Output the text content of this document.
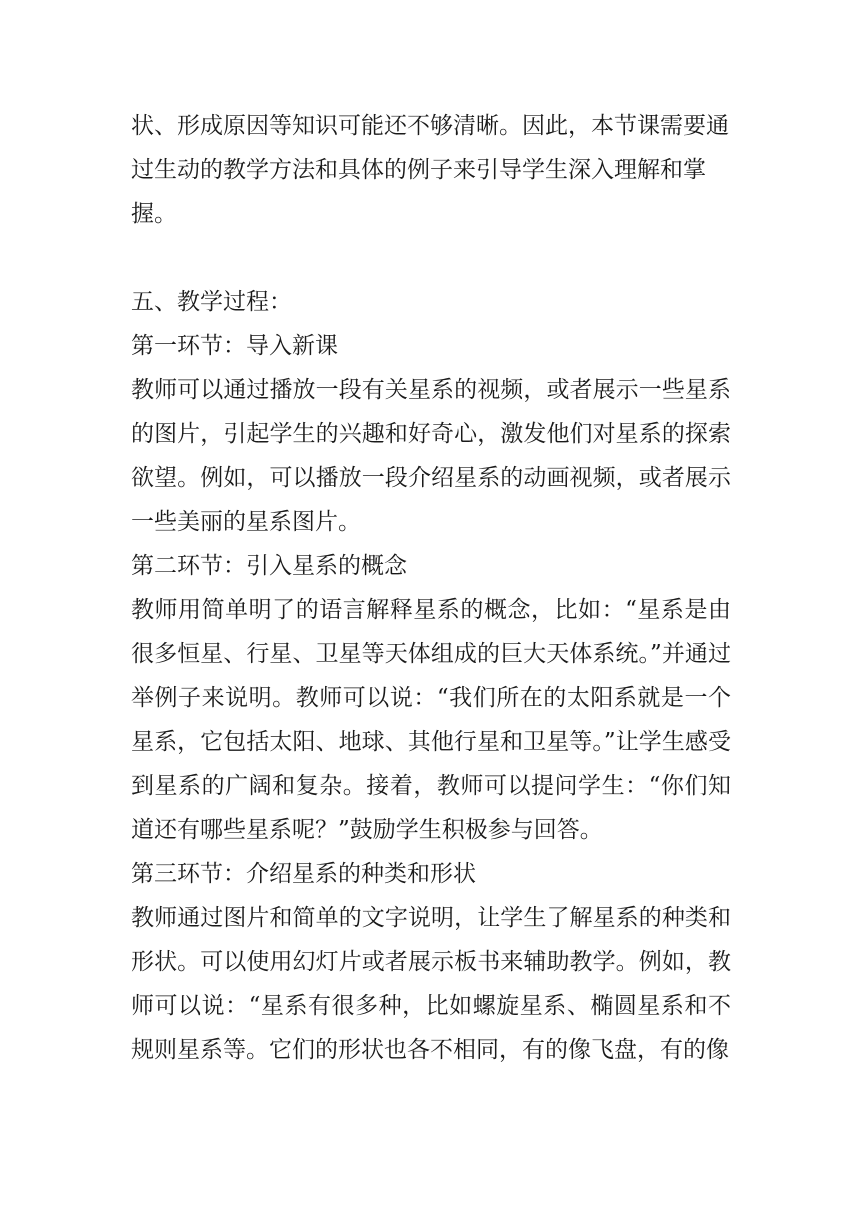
状、形成原因等知识可能还不够清晰。因此，本节课需要通
过生动的教学方法和具体的例子来引导学生深入理解和掌
握。

五、教学过程：

第一环节：导入新课

教师可以通过播放一段有关星系的视频，或者展示一些星系的图片，引起学生的兴趣和好奇心，激发他们对星系的探索欲望。例如，可以播放一段介绍星系的动画视频，或者展示一些美丽的星系图片。

第二环节：引入星系的概念

教师用简单明了的语言解释星系的概念，比如：“星系是由很多恒星、行星、卫星等天体组成的巨大天体系统。”并通过举例子来说明。教师可以说：“我们所在的太阳系就是一个星系，它包括太阳、地球、其他行星和卫星等。”让学生感受到星系的广阔和复杂。接着，教师可以提问学生：“你们知道还有哪些星系呢？”鼓励学生积极参与回答。

第三环节：介绍星系的种类和形状

教师通过图片和简单的文字说明，让学生了解星系的种类和形状。可以使用幻灯片或者展示板书来辅助教学。例如，教师可以说：“星系有很多种，比如螺旋星系、椭圆星系和不规则星系等。它们的形状也各不相同，有的像飞盘，有的像
